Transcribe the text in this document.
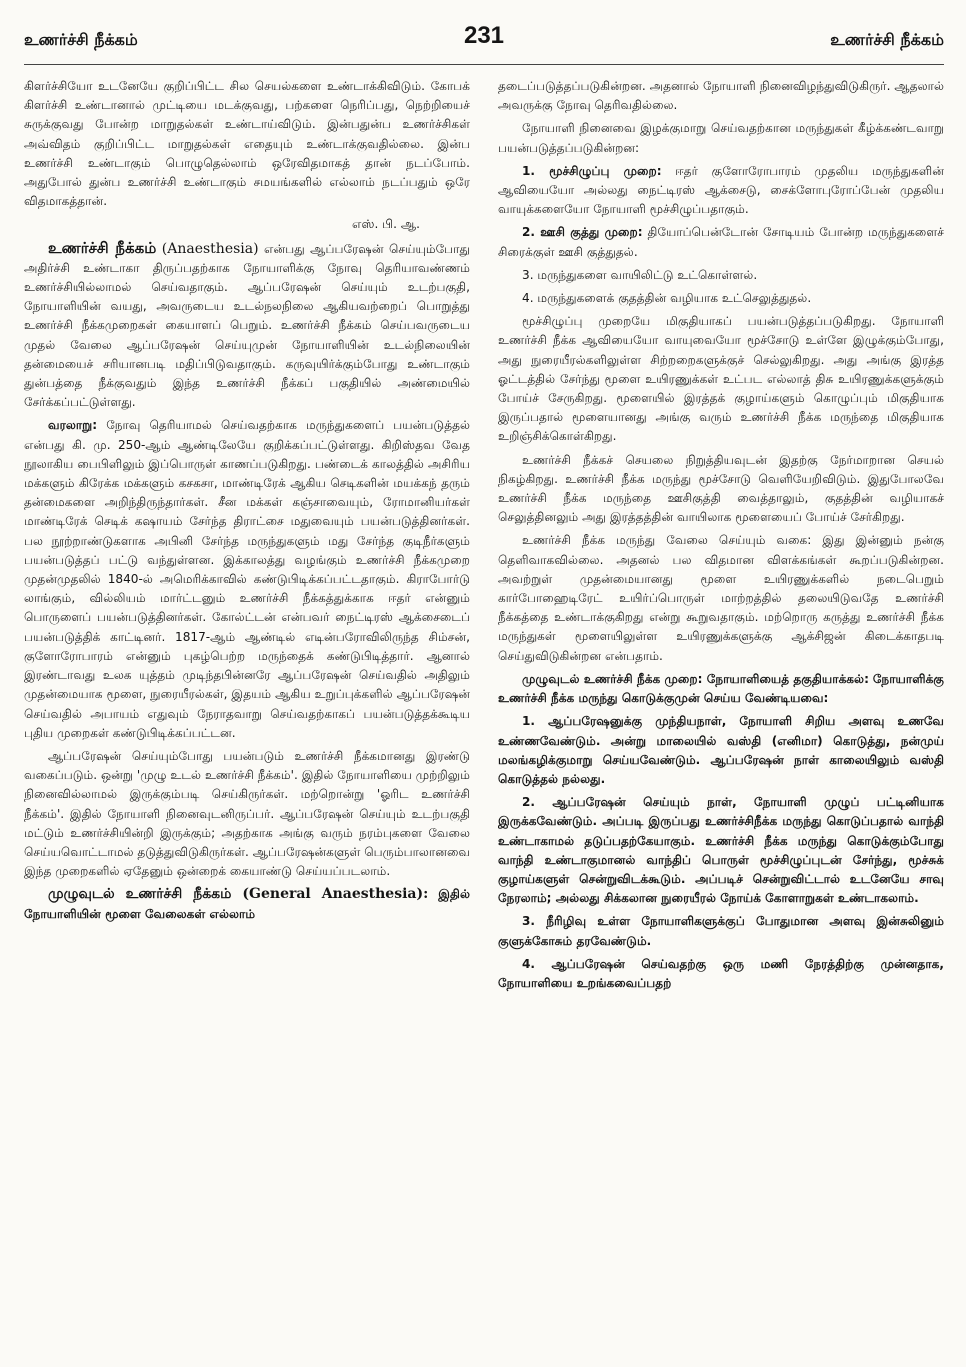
உணர்ச்சி நீக்கம்	231	உணர்ச்சி நீக்கம்

கிளர்ச்சியோ உடனேயே குறிப்பிட்ட சில செயல்களை உண்டாக்கிவிடும். கோபக் கிளர்ச்சி உண்டானால் முட்டியை மடக்குவது, பற்களை நெரிப்பது, நெற்றியைச் சுருக்குவது போன்ற மாறுதல்கள் உண்டாய்விடும். இன்பதுன்ப உணர்ச்சிகள் அவ்விதம் குறிப்பிட்ட மாறுதல்கள் எதையும் உண்டாக்குவதில்லை. இன்ப உணர்ச்சி உண்டாகும் பொழுதெல்லாம் ஒரேவிதமாகத் தான் நடப்போம். அதுபோல் துன்ப உணர்ச்சி உண்டாகும் சமயங்களில் எல்லாம் நடப்பதும் ஒரே விதமாகத்தான்.

எஸ். பி. ஆ.

உணர்ச்சி நீக்கம் (Anaesthesia) என்பது ஆப்பரேஷன் செய்யும்போது அதிர்ச்சி உண்டாகா திருப்பதற்காக நோயாளிக்கு நோவு தெரியாவண்ணம் உணர்ச்சியில்லாமல் செய்வதாகும். ஆப்பரேஷன் செய்யும் உடற்பகுதி, நோயாளியின் வயது, அவருடைய உடல்நலநிலை ஆகியவற்றைப் பொறுத்து உணர்ச்சி நீக்கமுறைகள் கையாளப் பெறும். உணர்ச்சி நீக்கம் செய்பவருடைய முதல் வேலை ஆப்பரேஷன் செய்யுமுன் நோயாளியின் உடல்நிலையின் தன்மையைச் சரியானபடி மதிப்பிடுவதாகும். கருவுயிர்க்கும்போது உண்டாகும் துன்பத்தை நீக்குவதும் இந்த உணர்ச்சி நீக்கப் பகுதியில் அண்மையில் சேர்க்கப்பட்டுள்ளது.

வரலாறு: நோவு தெரியாமல் செய்வதற்காக மருந்துகளைப் பயன்படுத்தல் என்பது கி. மு. 250-ஆம் ஆண்டிலேயே குறிக்கப்பட்டுள்ளது. கிறிஸ்தவ வேத நூலாகிய பைபிளிலும் இப்பொருள் காணப்படுகிறது. பண்டைக் காலத்தில் அசிரிய மக்களும் கிரேக்க மக்களும் கசகசா, மாண்டிரேக் ஆகிய செடிகளின் மயக்கந் தரும் தன்மைகளை அறிந்திருந்தார்கள். சீன மக்கள் கஞ்சாவையும், ரோமானியர்கள் மாண்டிரேக் செடிக் கஷாயம் சேர்ந்த திராட்சை மதுவையும் பயன்படுத்தினர்கள். பல நூற்றாண்டுகளாக அபினி சேர்ந்த மருந்துகளும் மது சேர்ந்த குடிநீர்களும் பயன்படுத்தப் பட்டு வந்துள்ளன. இக்காலத்து வழங்கும் உணர்ச்சி நீக்கமுறை முதன்முதலில் 1840-ல் அமெரிக்காவில் கண்டுபிடிக்கப்பட்டதாகும். கிராபோர்டு லாங்கும், வில்லியம் மார்ட்டனும் உணர்ச்சி நீக்கத்துக்காக ஈதர் என்னும் பொருளைப் பயன்படுத்தினர்கள். கோல்ட்டன் என்பவர் நைட்டிரஸ் ஆக்சைடைப் பயன்படுத்திக் காட்டினர். 1817-ஆம் ஆண்டில் எடின்பரோவிலிருந்த சிம்சன், குளோரோபாரம் என்னும் புகழ்பெற்ற மருந்தைக் கண்டுபிடித்தார். ஆனால் இரண்டாவது உலக யுத்தம் முடிந்தபின்னரே ஆப்பரேஷன் செய்வதில் அதிலும் முதன்மையாக மூளை, நுரையீரல்கள், இதயம் ஆகிய உறுப்புக்களில் ஆப்பரேஷன் செய்வதில் அபாயம் எதுவும் நேராதவாறு செய்வதற்காகப் பயன்படுத்தக்கூடிய புதிய முறைகள் கண்டுபிடிக்கப்பட்டன.

ஆப்பரேஷன் செய்யும்போது பயன்படும் உணர்ச்சி நீக்கமானது இரண்டு வகைப்படும். ஒன்று 'முழு உடல் உணர்ச்சி நீக்கம்'. இதில் நோயாளியை முற்றிலும் நினைவில்லாமல் இருக்கும்படி செய்கிருர்கள். மற்றொன்று 'ஓரிட உணர்ச்சி நீக்கம்'. இதில் நோயாளி நினைவுடனிருப்பர். ஆப்பரேஷன் செய்யும் உடற்பகுதி மட்டும் உணர்ச்சியின்றி இருக்கும்; அதற்காக அங்கு வரும் நரம்புகளை வேலை செய்யவொட்டாமல் தடுத்துவிடுகிருர்கள். ஆப்பரேஷன்களுள் பெரும்பாலானவை இந்த முறைகளில் ஏதேனும் ஒன்றைக் கையாண்டு செய்யப்படலாம்.

முழுவுடல் உணர்ச்சி நீக்கம் (General Anaesthesia): இதில் நோயாளியின் மூளை வேலைகள் எல்லாம்

தடைப்படுத்தப்படுகின்றன. அதனால் நோயாளி நினைவிழந்துவிடுகிருர். ஆதலால் அவருக்கு நோவு தெரிவதில்லை.

நோயாளி நினைவை இழக்குமாறு செய்வதற்கான மருந்துகள் கீழ்க்கண்டவாறு பயன்படுத்தப்படுகின்றன:

1. மூச்சிழுப்பு முறை: ஈதர் குளோரோபாரம் முதலிய மருந்துகளின் ஆவியையோ அல்லது நைட்டிரஸ் ஆக்சைடு, சைக்ளோபுரோப்பேன் முதலிய வாயுக்களையோ நோயாளி மூச்சிழுப்பதாகும்.

2. ஊசி குத்து முறை: தியோப்பென்டோன் சோடியம் போன்ற மருந்துகளைச் சிரைக்குள் ஊசி குத்துதல்.

3. மருந்துகளை வாயிலிட்டு உட்கொள்ளல்.

4. மருந்துகளைக் குதத்தின் வழியாக உட்செலுத்துதல்.

மூச்சிழுப்பு முறையே மிகுதியாகப் பயன்படுத்தப்படுகிறது. நோயாளி உணர்ச்சி நீக்க ஆவியையோ வாயுவையோ மூச்சோடு உள்ளே இழுக்கும்போது, அது நுரையீரல்களிலுள்ள சிற்றறைகளுக்குச் செல்லுகிறது. அது அங்கு இரத்த ஓட்டத்தில் சேர்ந்து மூளை உயிரணுக்கள் உட்பட எல்லாத் திசு உயிரணுக்களுக்கும் போய்ச் சேருகிறது. மூளையில் இரத்தக் குழாய்களும் கொழுப்பும் மிகுதியாக இருப்பதால் மூளையானது அங்கு வரும் உணர்ச்சி நீக்க மருந்தை மிகுதியாக உறிஞ்சிக்கொள்கிறது.

உணர்ச்சி நீக்கச் செயலை நிறுத்தியவுடன் இதற்கு நேர்மாறான செயல் நிகழ்கிறது. உணர்ச்சி நீக்க மருந்து மூச்சோடு வெளியேறிவிடும். இதுபோலவே உணர்ச்சி நீக்க மருந்தை ஊசிகுத்தி வைத்தாலும், குதத்தின் வழியாகச் செலுத்தினலும் அது இரத்தத்தின் வாயிலாக மூளையைப் போய்ச் சேர்கிறது.

உணர்ச்சி நீக்க மருந்து வேலை செய்யும் வகை: இது இன்னும் நன்கு தெளிவாகவில்லை. அதனல் பல விதமான விளக்கங்கள் கூறப்படுகின்றன. அவற்றுள் முதன்மையானது மூளை உயிரணுக்களில் நடைபெறும் கார்போஹைடிரேட் உயிர்ப்பொருள் மாற்றத்தில் தலையிடுவதே உணர்ச்சி நீக்கத்தை உண்டாக்குகிறது என்று கூறுவதாகும். மற்றொரு கருத்து உணர்ச்சி நீக்க மருந்துகள் மூளையிலுள்ள உயிரணுக்களுக்கு ஆக்சிஜன் கிடைக்காதபடி செய்துவிடுகின்றன என்பதாம்.

முழுவுடல் உணர்ச்சி நீக்க முறை: நோயாளியைத் தகுதியாக்கல்: நோயாளிக்கு உணர்ச்சி நீக்க மருந்து கொடுக்குமுன் செய்ய வேண்டியவை:

1. ஆப்பரேஷனுக்கு முந்தியநாள், நோயாளி சிறிய அளவு உணவே உண்ணவேண்டும். அன்று மாலையில் வஸ்தி (எனிமா) கொடுத்து, நன்முய் மலங்கழிக்குமாறு செய்யவேண்டும். ஆப்பரேஷன் நாள் காலையிலும் வஸ்தி கொடுத்தல் நல்லது.

2. ஆப்பரேஷன் செய்யும் நாள், நோயாளி முழுப் பட்டினியாக இருக்கவேண்டும். அப்படி இருப்பது உணர்ச்சிநீக்க மருந்து கொடுப்பதால் வாந்தி உண்டாகாமல் தடுப்பதற்கேயாகும். உணர்ச்சி நீக்க மருந்து கொடுக்கும்போது வாந்தி உண்டாகுமானல் வாந்திப் பொருள் மூச்சிழுப்புடன் சேர்ந்து, மூச்சுக் குழாய்களுள் சென்றுவிடக்கூடும். அப்படிச் சென்றுவிட்டால் உடனேயே சாவு நேரலாம்; அல்லது சிக்கலான நுரையீரல் நோய்க் கோளாறுகள் உண்டாகலாம்.

3. நீரிழிவு உள்ள நோயாளிகளுக்குப் போதுமான அளவு இன்சுலினும் குளுக்கோசும் தரவேண்டும்.

4. ஆப்பரேஷன் செய்வதற்கு ஒரு மணி நேரத்திற்கு முன்னதாக, நோயாளியை உறங்கவைப்பதற்
